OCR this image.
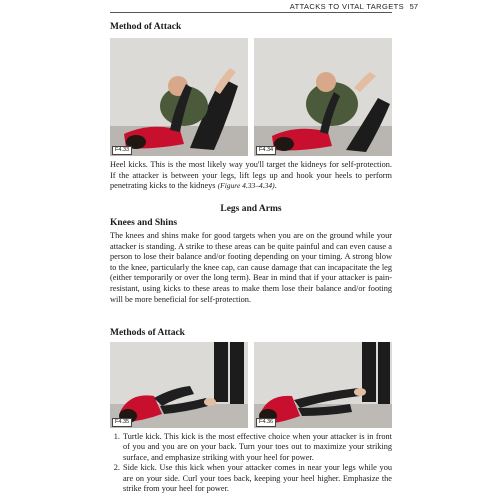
ATTACKS TO VITAL TARGETS 57
Method of Attack
F4.33	F4.34

Heel kicks. This is the most likely way you'll target the kidneys for self-protection. If the attacker is between your legs, lift legs up and hook your heels to perform penetrating kicks to the kidneys (Figure 4.33–4.34).

Legs and Arms
Knees and Shins

The knees and shins make for good targets when you are on the ground while your attacker is standing. A strike to these areas can be quite painful and can even cause a person to lose their balance and/or footing depending on your timing. A strong blow to the knee, particularly the knee cap, can cause damage that can incapacitate the leg (either temporarily or over the long term). Bear in mind that if your attacker is pain-resistant, using kicks to these areas to make them lose their balance and/or footing will be more beneficial for self-protection.

Methods of Attack
F4.35	F4.36
1. Turtle kick. This kick is the most effective choice when your attacker is in front of you and you are on your back. Turn your toes out to maximize your striking surface, and emphasize striking with your heel for power.
2. Side kick. Use this kick when your attacker comes in near your legs while you are on your side. Curl your toes back, keeping your heel higher. Emphasize the strike from your heel for power.
